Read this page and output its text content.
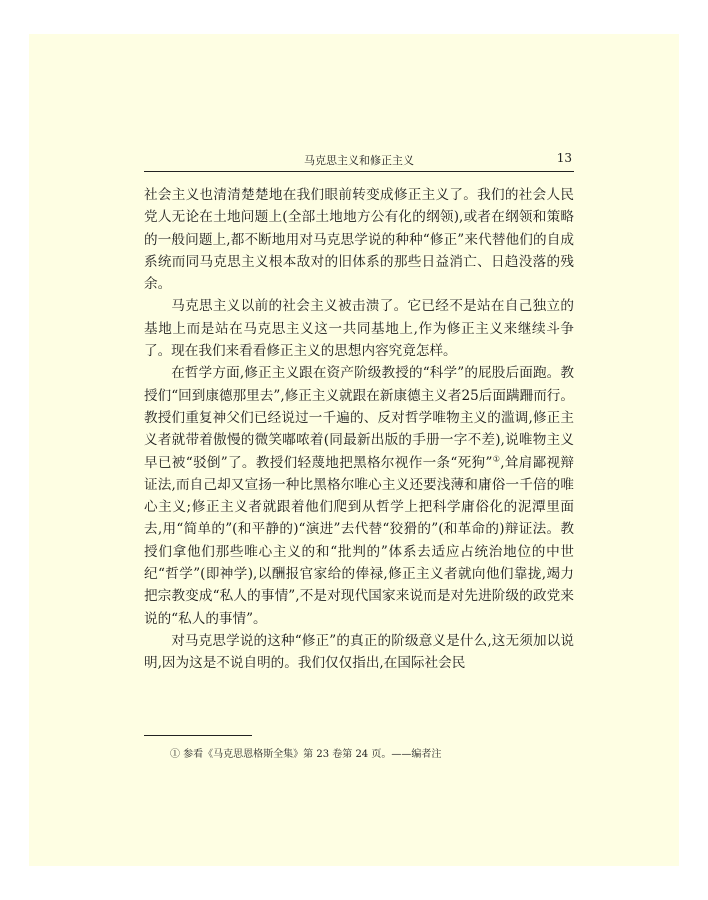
马克思主义和修正主义	13

社会主义也清清楚楚地在我们眼前转变成修正主义了。我们的社会人民党人无论在土地问题上(全部土地地方公有化的纲领),或者在纲领和策略的一般问题上,都不断地用对马克思学说的种种“修正”来代替他们的自成系统而同马克思主义根本敌对的旧体系的那些日益消亡、日趋没落的残余。

马克思主义以前的社会主义被击溃了。它已经不是站在自己独立的基地上而是站在马克思主义这一共同基地上,作为修正主义来继续斗争了。现在我们来看看修正主义的思想内容究竟怎样。

在哲学方面,修正主义跟在资产阶级教授的“科学”的屁股后面跑。教授们“回到康德那里去”,修正主义就跟在新康德主义者25后面蹒跚而行。教授们重复神父们已经说过一千遍的、反对哲学唯物主义的滥调,修正主义者就带着傲慢的微笑嘟哝着(同最新出版的手册一字不差),说唯物主义早已被“驳倒”了。教授们轻蔑地把黑格尔视作一条“死狗”①,耸肩鄙视辩证法,而自己却又宣扬一种比黑格尔唯心主义还要浅薄和庸俗一千倍的唯心主义;修正主义者就跟着他们爬到从哲学上把科学庸俗化的泥潭里面去,用“简单的”(和平静的)“演进”去代替“狡猾的”(和革命的)辩证法。教授们拿他们那些唯心主义的和“批判的”体系去适应占统治地位的中世纪“哲学”(即神学),以酬报官家给的俸禄,修正主义者就向他们靠拢,竭力把宗教变成“私人的事情”,不是对现代国家来说而是对先进阶级的政党来说的“私人的事情”。

对马克思学说的这种“修正”的真正的阶级意义是什么,这无须加以说明,因为这是不说自明的。我们仅仅指出,在国际社会民

① 参看《马克思恩格斯全集》第 23 卷第 24 页。——编者注
